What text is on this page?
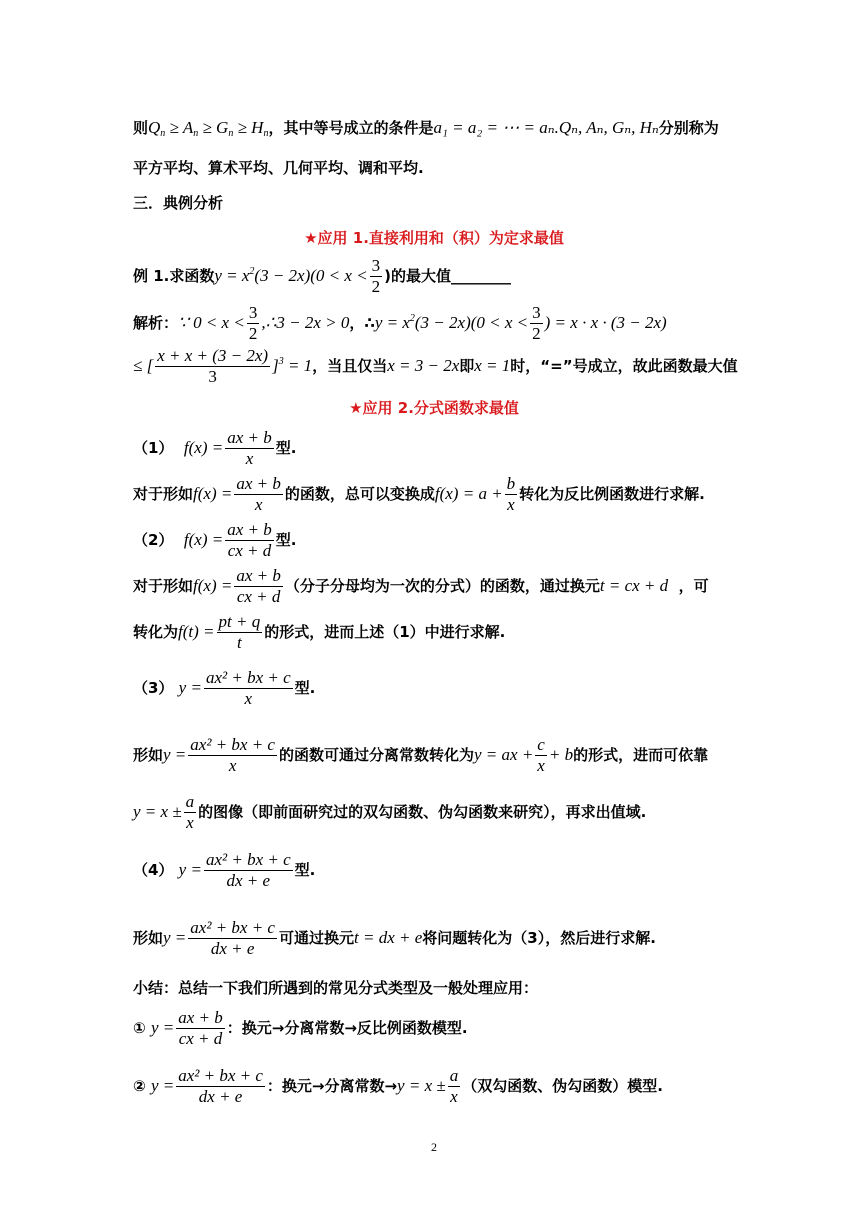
则$Q_n \ge A_n \ge G_n \ge H_n$，其中等号成立的条件是a₁ = a₂ = ⋯ = aₙ.Qₙ, Aₙ, Gₙ, Hₙ分别称为
平方平均、算术平均、几何平均、调和平均.
三．典例分析
★应用 1.直接利用和（积）为定求最值
例 1.求函数$y = x^2(3 - 2x)(0 < x < \frac{3}{2}$ )的最大值________
解析：∵ $0 < x < \frac{3}{2}$ ,∴3 − 2x > 0，∴y = $x^2(3 - 2x)(0 < x < \frac{3}{2}$ ) = x · x · (3 − 2x)
≤ [ $\frac{x + x + (3 - 2x)}{3} ]^3 = 1$，当且仅当x = 3 − 2x即x = 1时，“=”号成立，故此函数最大值
★应用 2.分式函数求最值
（1） $f(x) = \frac{ax + b}{x}$ 型.
对于形如$f(x) = \frac{ax + b}{x}$ 的函数，总可以变换成$f(x) = a + \frac{b}{x}$ 转化为反比例函数进行求解.
（2） $f(x) = \frac{ax + b}{cx + d}$ 型.
对于形如$f(x) = \frac{ax + b}{cx + d}$ （分子分母均为一次的分式）的函数，通过换元t = cx + d ，可
转化为$f(t) = \frac{pt + q}{t}$ 的形式，进而上述（1）中进行求解.
（3） $y = \frac{\text{ax² + bx + c}}{x}$ 型.
形如$y = \frac{\text{ax² + bx + c}}{x}$ 的函数可通过分离常数转化为y = ax + $\frac{c}{x} + b$的形式，进而可依靠
$y = x \pm \frac{a}{x}$ 的图像（即前面研究过的双勾函数、伪勾函数来研究），再求出值域.
（4） $y = \frac{\text{ax² + bx + c}}{dx + e}$ 型.
形如$y = \frac{\text{ax² + bx + c}}{dx + e}$ 可通过换元t = dx + e将问题转化为（3），然后进行求解.
小结：总结一下我们所遇到的常见分式类型及一般处理应用：
① $y = \frac{ax + b}{cx + d}$ ：换元→分离常数→反比例函数模型.
② $y = \frac{\text{ax² + bx + c}}{dx + e}$ ：换元→分离常数$\to y = x \pm \frac{a}{x}$ （双勾函数、伪勾函数）模型.
2
